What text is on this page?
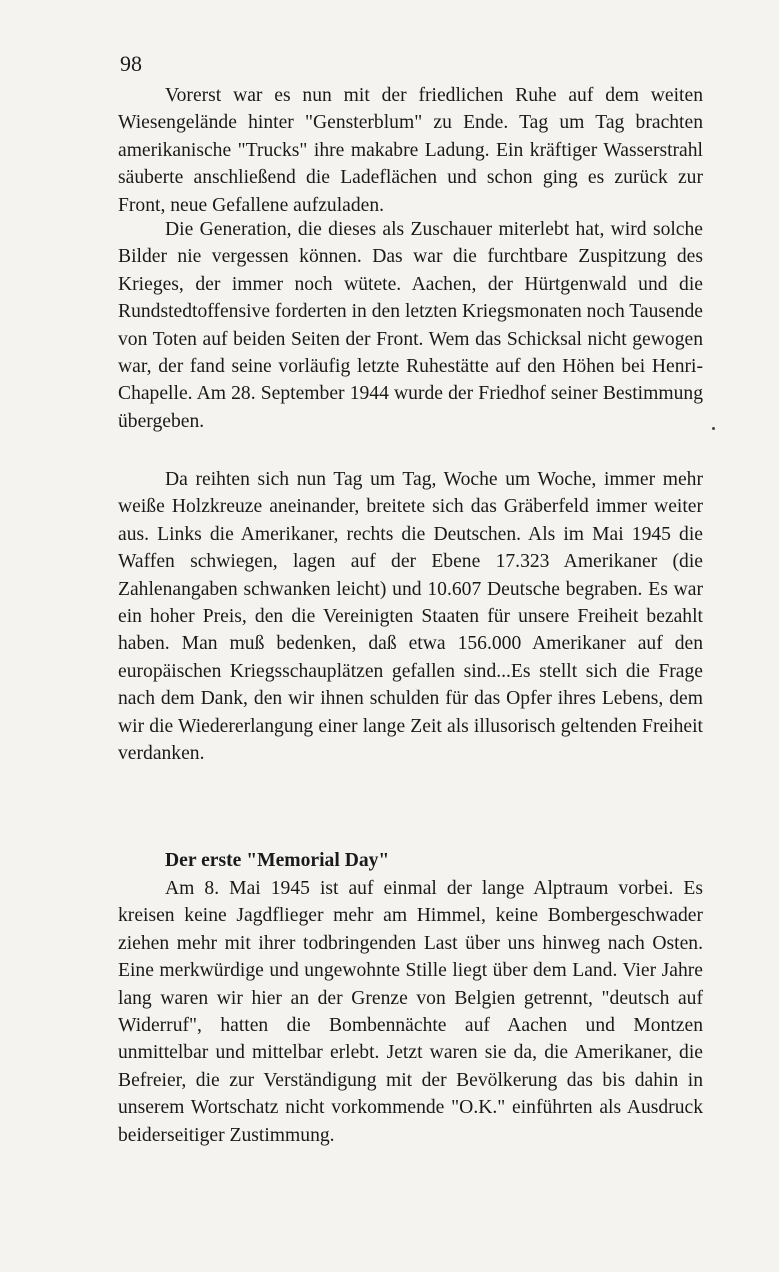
98

Vorerst war es nun mit der friedlichen Ruhe auf dem weiten Wiesengelände hinter "Gensterblum" zu Ende. Tag um Tag brachten amerikanische "Trucks" ihre makabre Ladung. Ein kräftiger Wasserstrahl säuberte anschließend die Ladeflächen und schon ging es zurück zur Front, neue Gefallene aufzuladen.

Die Generation, die dieses als Zuschauer miterlebt hat, wird solche Bilder nie vergessen können. Das war die furchtbare Zuspitzung des Krieges, der immer noch wütete. Aachen, der Hürtgenwald und die Rundstedtoffensive forderten in den letzten Kriegsmonaten noch Tausende von Toten auf beiden Seiten der Front. Wem das Schicksal nicht gewogen war, der fand seine vorläufig letzte Ruhestätte auf den Höhen bei Henri-Chapelle. Am 28. September 1944 wurde der Friedhof seiner Bestimmung übergeben.

Da reihten sich nun Tag um Tag, Woche um Woche, immer mehr weiße Holzkreuze aneinander, breitete sich das Gräberfeld immer weiter aus. Links die Amerikaner, rechts die Deutschen. Als im Mai 1945 die Waffen schwiegen, lagen auf der Ebene 17.323 Amerikaner (die Zahlenangaben schwanken leicht) und 10.607 Deutsche begraben. Es war ein hoher Preis, den die Vereinigten Staaten für unsere Freiheit bezahlt haben. Man muß bedenken, daß etwa 156.000 Amerikaner auf den europäischen Kriegsschauplätzen gefallen sind...Es stellt sich die Frage nach dem Dank, den wir ihnen schulden für das Opfer ihres Lebens, dem wir die Wiedererlangung einer lange Zeit als illusorisch geltenden Freiheit verdanken.

Der erste "Memorial Day"

Am 8. Mai 1945 ist auf einmal der lange Alptraum vorbei. Es kreisen keine Jagdflieger mehr am Himmel, keine Bombergeschwader ziehen mehr mit ihrer todbringenden Last über uns hinweg nach Osten. Eine merkwürdige und ungewohnte Stille liegt über dem Land. Vier Jahre lang waren wir hier an der Grenze von Belgien getrennt, "deutsch auf Widerruf", hatten die Bombennächte auf Aachen und Montzen unmittelbar und mittelbar erlebt. Jetzt waren sie da, die Amerikaner, die Befreier, die zur Verständigung mit der Bevölkerung das bis dahin in unserem Wortschatz nicht vorkommende "O.K." einführten als Ausdruck beiderseitiger Zustimmung.
